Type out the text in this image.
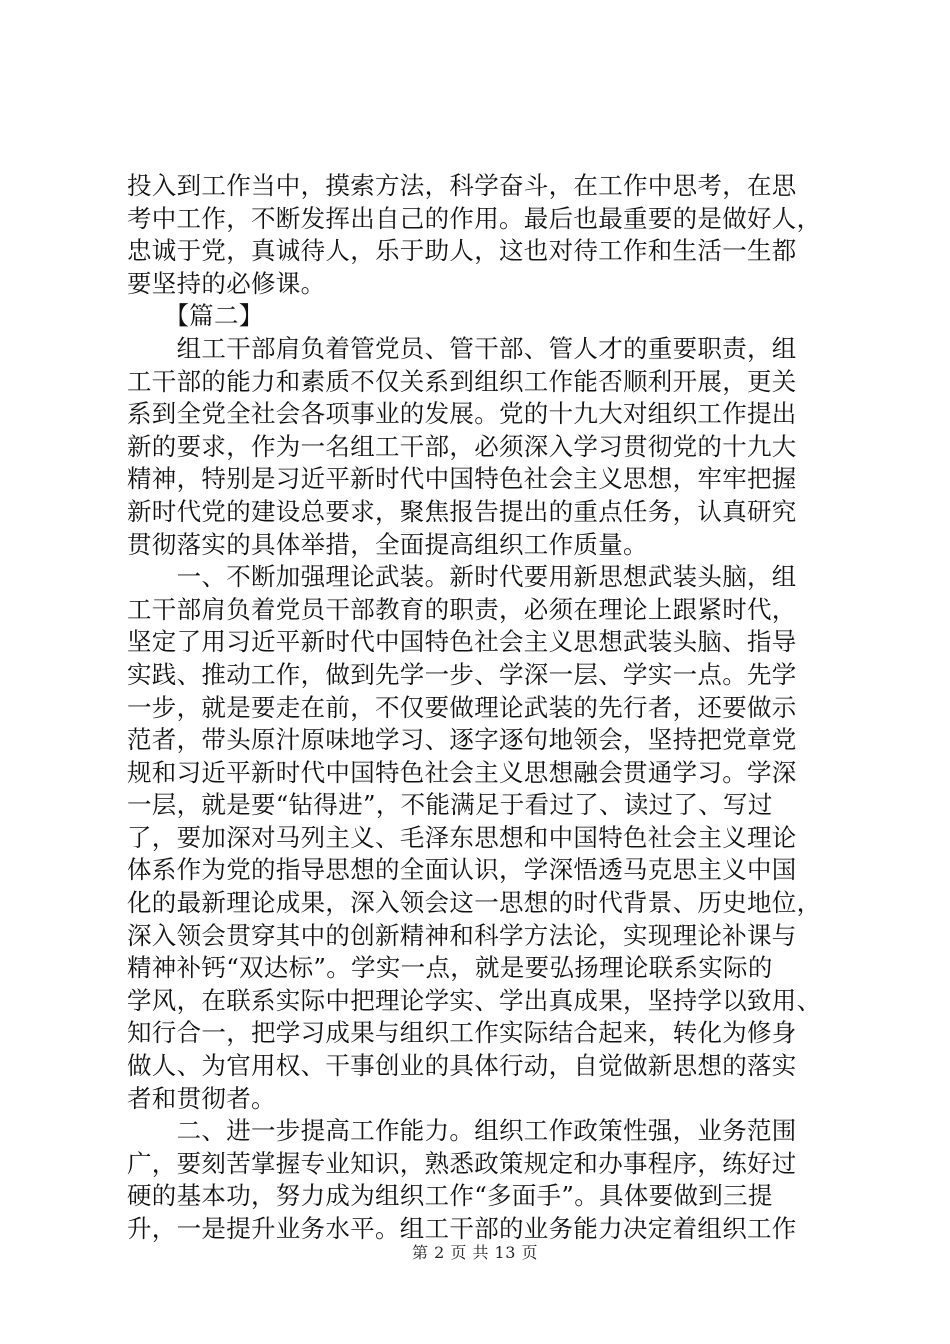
投入到工作当中，摸索方法，科学奋斗，在工作中思考，在思
考中工作，不断发挥出自己的作用。最后也最重要的是做好人，
忠诚于党，真诚待人，乐于助人，这也对待工作和生活一生都
要坚持的必修课。
　　【篇二】
　　组工干部肩负着管党员、管干部、管人才的重要职责，组
工干部的能力和素质不仅关系到组织工作能否顺利开展，更关
系到全党全社会各项事业的发展。党的十九大对组织工作提出
新的要求，作为一名组工干部，必须深入学习贯彻党的十九大
精神，特别是习近平新时代中国特色社会主义思想，牢牢把握
新时代党的建设总要求，聚焦报告提出的重点任务，认真研究
贯彻落实的具体举措，全面提高组织工作质量。
　　一、不断加强理论武装。新时代要用新思想武装头脑，组
工干部肩负着党员干部教育的职责，必须在理论上跟紧时代，
坚定了用习近平新时代中国特色社会主义思想武装头脑、指导
实践、推动工作，做到先学一步、学深一层、学实一点。先学
一步，就是要走在前，不仅要做理论武装的先行者，还要做示
范者，带头原汁原味地学习、逐字逐句地领会，坚持把党章党
规和习近平新时代中国特色社会主义思想融会贯通学习。学深
一层，就是要“钻得进”，不能满足于看过了、读过了、写过
了，要加深对马列主义、毛泽东思想和中国特色社会主义理论
体系作为党的指导思想的全面认识，学深悟透马克思主义中国
化的最新理论成果，深入领会这一思想的时代背景、历史地位，
深入领会贯穿其中的创新精神和科学方法论，实现理论补课与
精神补钙“双达标”。学实一点，就是要弘扬理论联系实际的
学风，在联系实际中把理论学实、学出真成果，坚持学以致用、
知行合一，把学习成果与组织工作实际结合起来，转化为修身
做人、为官用权、干事创业的具体行动，自觉做新思想的落实
者和贯彻者。
　　二、进一步提高工作能力。组织工作政策性强，业务范围
广，要刻苦掌握专业知识，熟悉政策规定和办事程序，练好过
硬的基本功，努力成为组织工作“多面手”。具体要做到三提
升，一是提升业务水平。组工干部的业务能力决定着组织工作
第 2 页 共 13 页
